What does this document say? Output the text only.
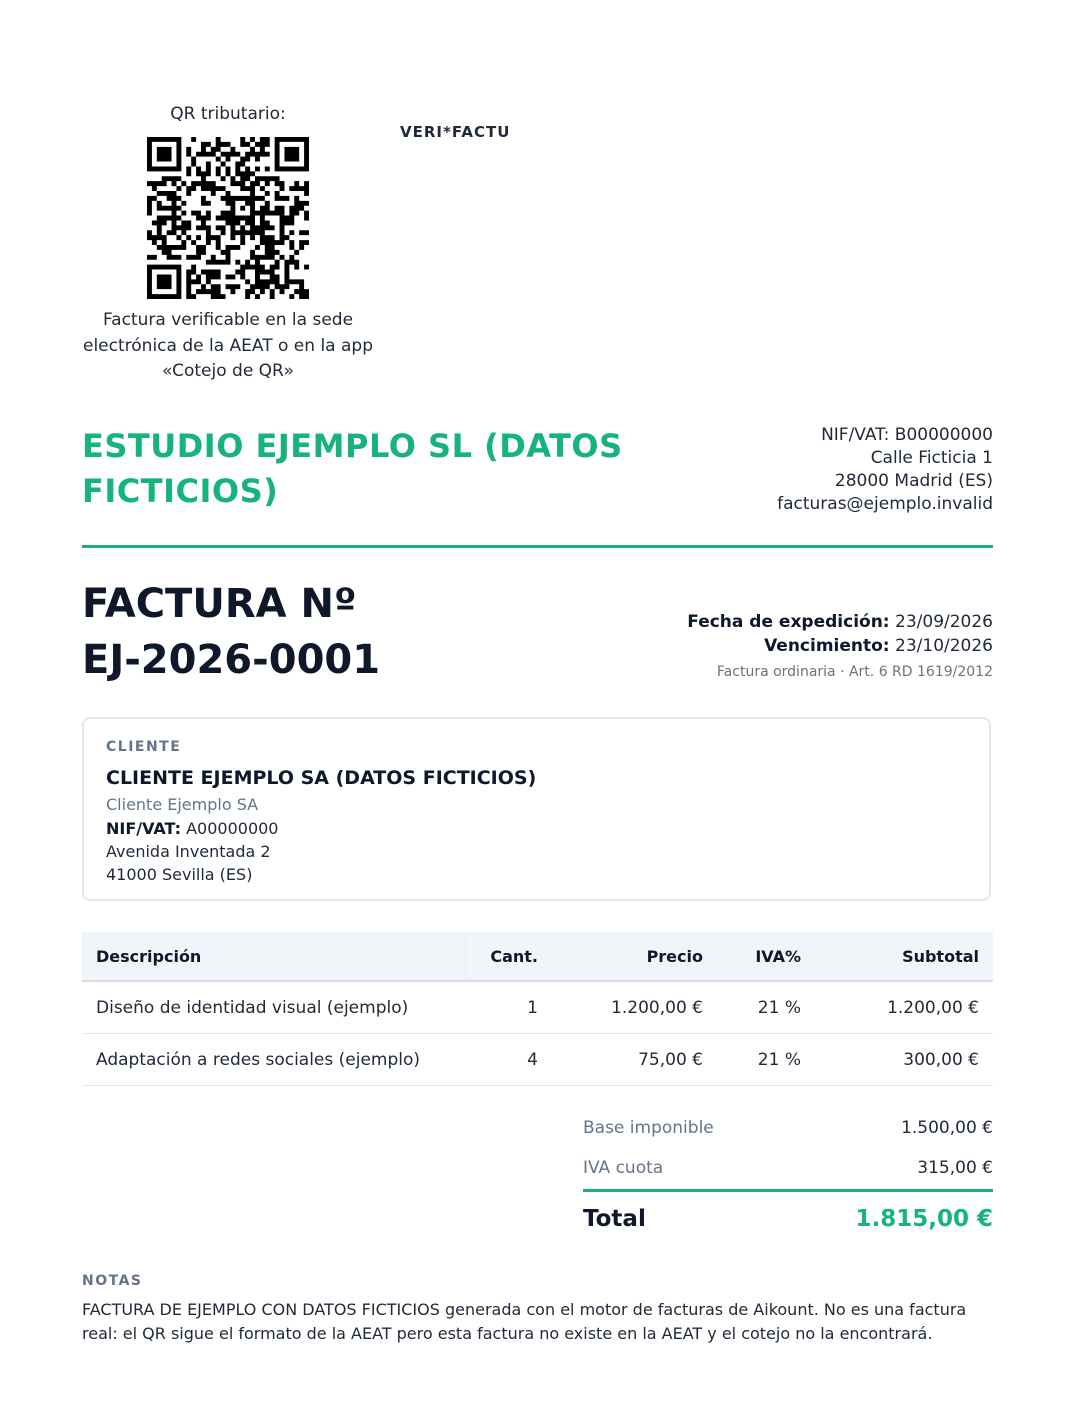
QR tributario:
Factura verificable en la sede electrónica de la AEAT o en la app «Cotejo de QR»
VERI*FACTU
ESTUDIO EJEMPLO SL (DATOS FICTICIOS)
NIF/VAT: B00000000
Calle Ficticia 1
28000 Madrid (ES)
facturas@ejemplo.invalid
FACTURA Nº
EJ-2026-0001
Fecha de expedición: 23/09/2026
Vencimiento: 23/10/2026
Factura ordinaria · Art. 6 RD 1619/2012
CLIENTE
CLIENTE EJEMPLO SA (DATOS FICTICIOS)
Cliente Ejemplo SA
NIF/VAT: A00000000
Avenida Inventada 2
41000 Sevilla (ES)
Descripción	Cant.	Precio	IVA%	Subtotal
Diseño de identidad visual (ejemplo)	1	1.200,00 €	21 %	1.200,00 €
Adaptación a redes sociales (ejemplo)	4	75,00 €	21 %	300,00 €
Base imponible	1.500,00 €
IVA cuota	315,00 €
Total	1.815,00 €
NOTAS
FACTURA DE EJEMPLO CON DATOS FICTICIOS generada con el motor de facturas de Aikount. No es una factura real: el QR sigue el formato de la AEAT pero esta factura no existe en la AEAT y el cotejo no la encontrará.
